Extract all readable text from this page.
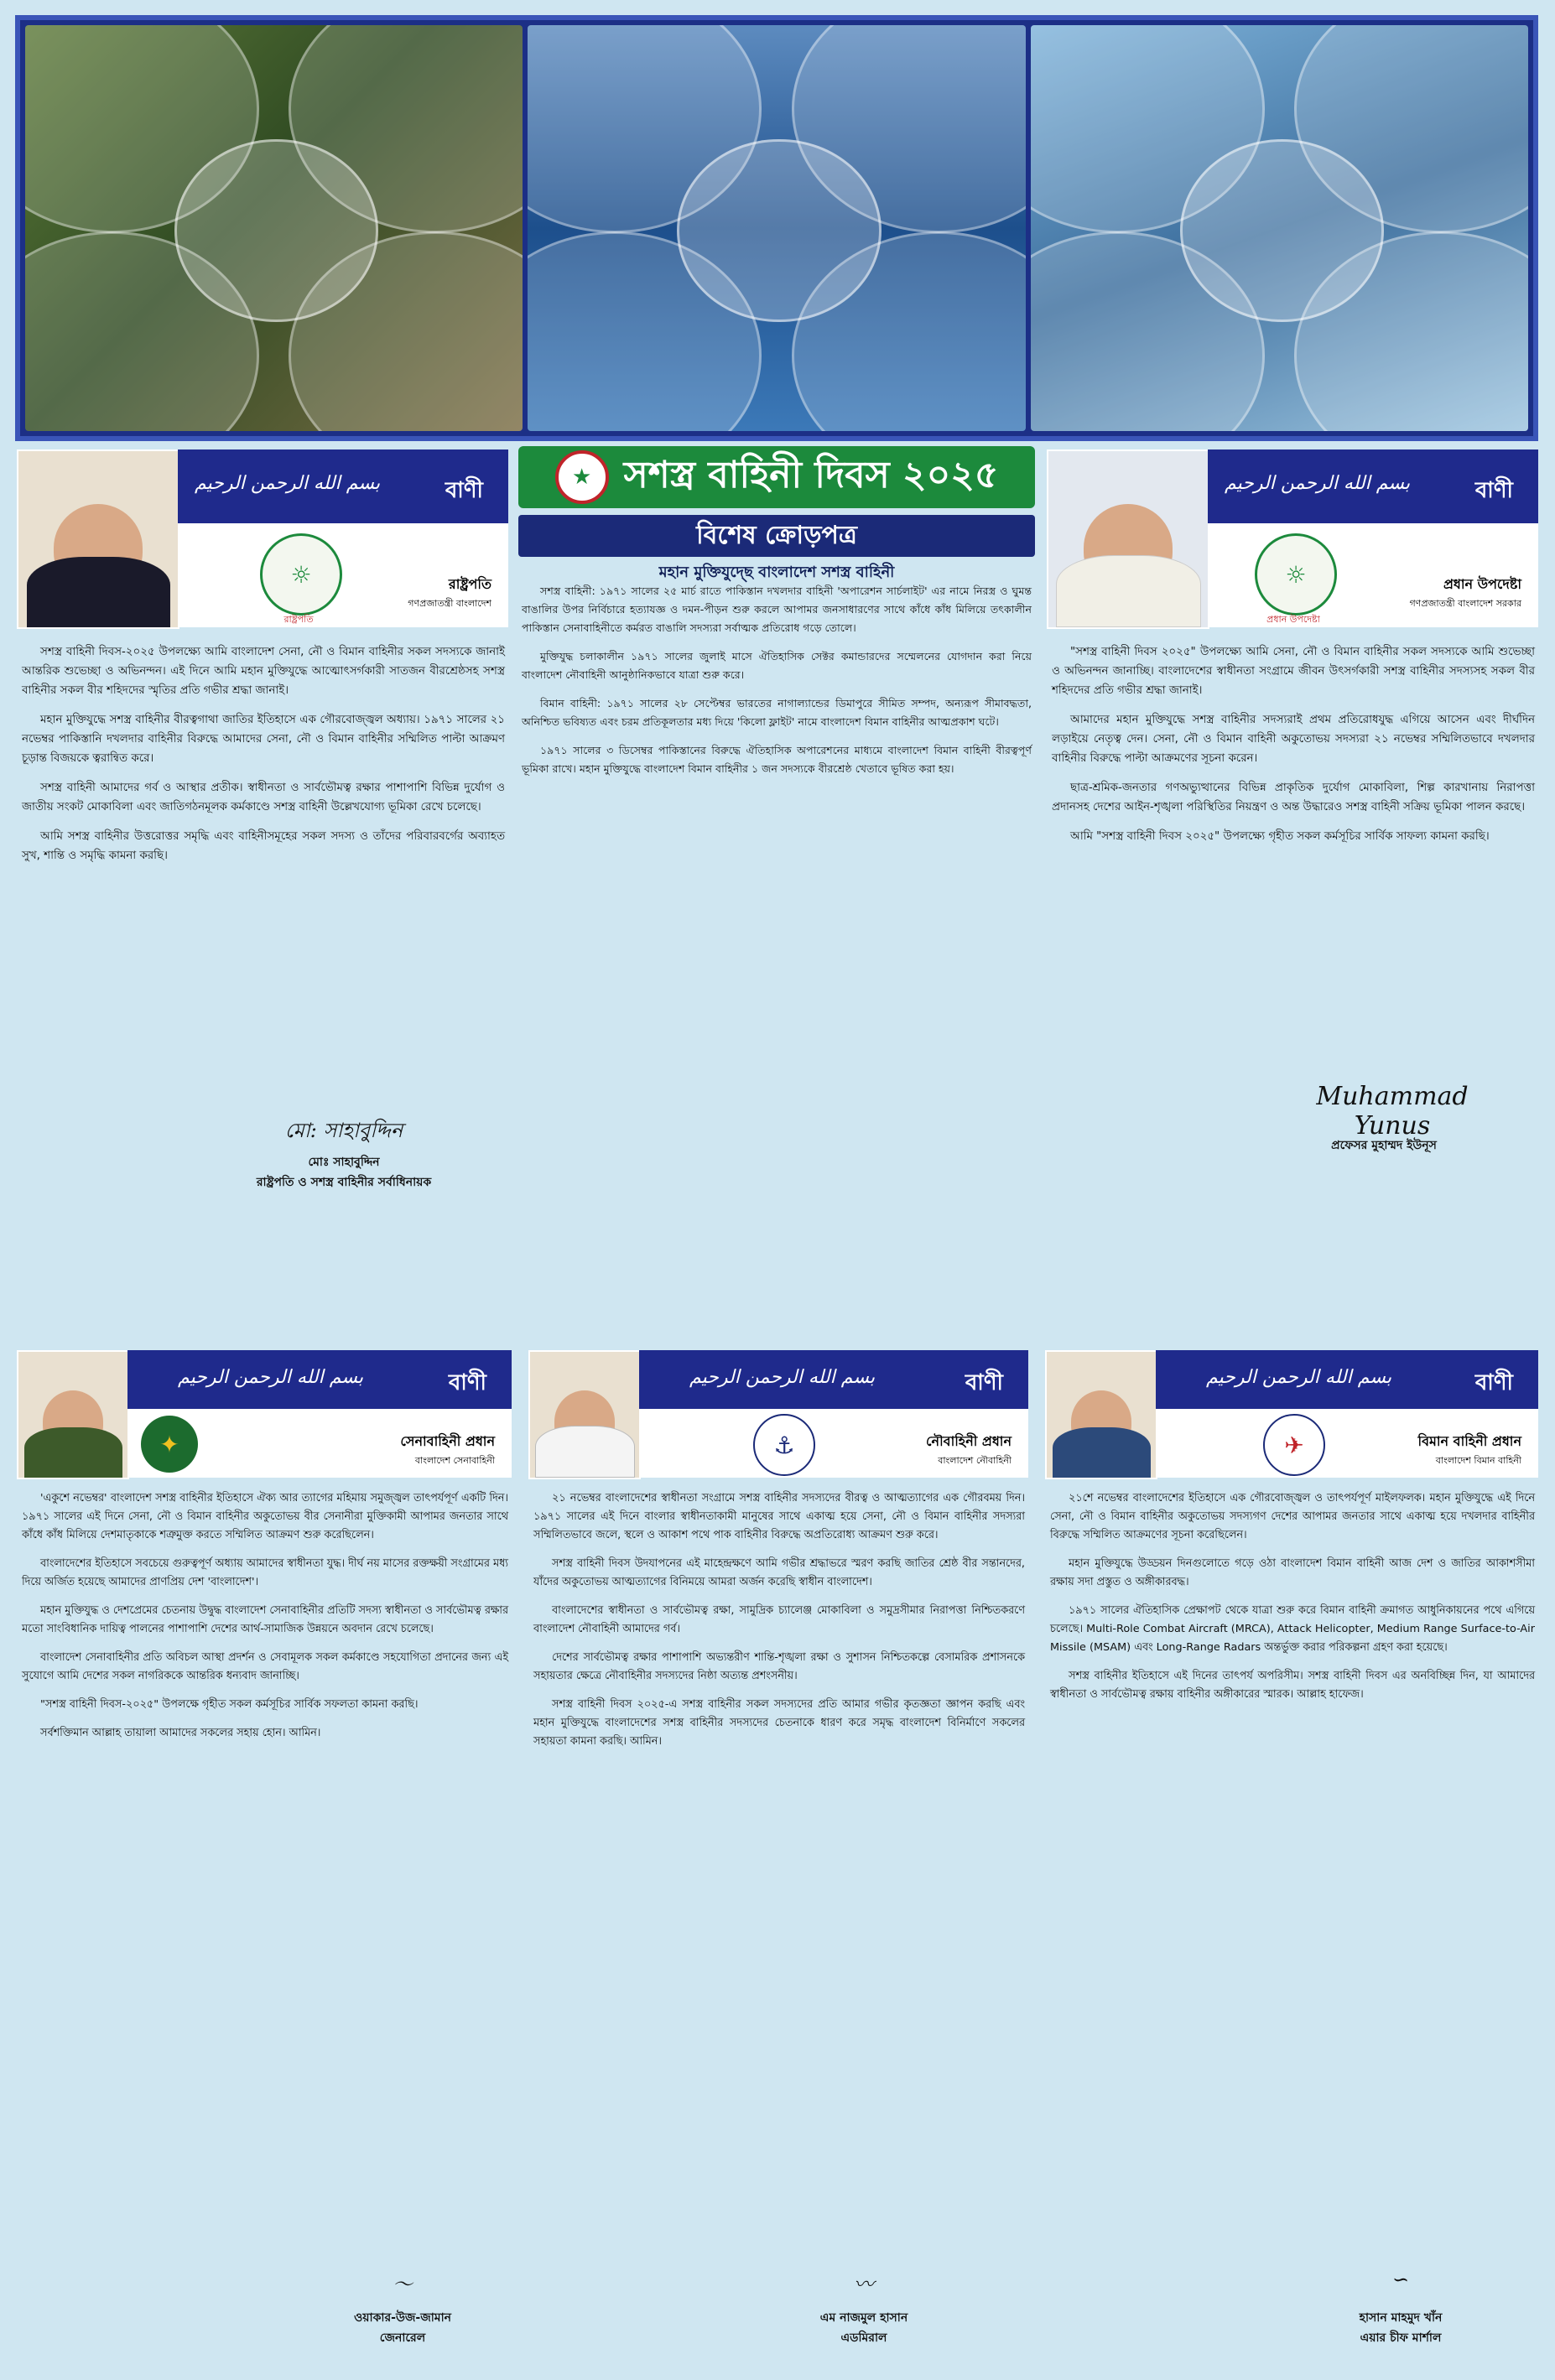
★ সশস্ত্র বাহিনী দিবস ২০২৫
বিশেষ ক্রোড়পত্র
মহান মুক্তিযুদ্ছে বাংলাদেশ সশস্ত্র বাহিনী
بسم الله الرحمن الرحيم	বাণী
☼
রাষ্ট্রপতি
রাষ্ট্রপতি
গণপ্রজাতন্ত্রী বাংলাদেশ

সশস্ত্র বাহিনী দিবস-২০২৫ উপলক্ষ্যে আমি বাংলাদেশ সেনা, নৌ ও বিমান বাহিনীর সকল সদস্যকে জানাই আন্তরিক শুভেচ্ছা ও অভিনন্দন। এই দিনে আমি মহান মুক্তিযুদ্ধে আত্মোৎসর্গকারী সাতজন বীরশ্রেষ্ঠসহ সশস্ত্র বাহিনীর সকল বীর শহিদদের স্মৃতির প্রতি গভীর শ্রদ্ধা জানাই।

মহান মুক্তিযুদ্ধে সশস্ত্র বাহিনীর বীরত্বগাথা জাতির ইতিহাসে এক গৌরবোজ্জ্বল অধ্যায়। ১৯৭১ সালের ২১ নভেম্বর পাকিস্তানি দখলদার বাহিনীর বিরুদ্ধে আমাদের সেনা, নৌ ও বিমান বাহিনীর সম্মিলিত পাল্টা আক্রমণ চূড়ান্ত বিজয়কে ত্বরান্বিত করে।

সশস্ত্র বাহিনী আমাদের গর্ব ও আস্থার প্রতীক। স্বাধীনতা ও সার্বভৌমত্ব রক্ষার পাশাপাশি বিভিন্ন দুর্যোগ ও জাতীয় সংকট মোকাবিলা এবং জাতিগঠনমূলক কর্মকাণ্ডে সশস্ত্র বাহিনী উল্লেখযোগ্য ভূমিকা রেখে চলেছে।

আমি সশস্ত্র বাহিনীর উত্তরোত্তর সমৃদ্ধি এবং বাহিনীসমূহের সকল সদস্য ও তাঁদের পরিবারবর্গের অব্যাহত সুখ, শান্তি ও সমৃদ্ধি কামনা করছি।

মো: সাহাবুদ্দিন
মোঃ সাহাবুদ্দিন
রাষ্ট্রপতি ও সশস্ত্র বাহিনীর সর্বাধিনায়ক
بسم الله الرحمن الرحيم	বাণী
☼
প্রধান উপদেষ্টা
প্রধান উপদেষ্টা
গণপ্রজাতন্ত্রী বাংলাদেশ সরকার

"সশস্ত্র বাহিনী দিবস ২০২৫" উপলক্ষ্যে আমি সেনা, নৌ ও বিমান বাহিনীর সকল সদস্যকে আমি শুভেচ্ছা ও অভিনন্দন জানাচ্ছি। বাংলাদেশের স্বাধীনতা সংগ্রামে জীবন উৎসর্গকারী সশস্ত্র বাহিনীর সদস্যসহ সকল বীর শহিদদের প্রতি গভীর শ্রদ্ধা জানাই।

আমাদের মহান মুক্তিযুদ্ধে সশস্ত্র বাহিনীর সদস্যরাই প্রথম প্রতিরোধযুদ্ধ এগিয়ে আসেন এবং দীর্ঘদিন লড়াইয়ে নেতৃত্ব দেন। সেনা, নৌ ও বিমান বাহিনী অকুতোভয় সদস্যরা ২১ নভেম্বর সম্মিলিতভাবে দখলদার বাহিনীর বিরুদ্ধে পাল্টা আক্রমণের সূচনা করেন।

ছাত্র-শ্রমিক-জনতার গণঅভ্যুত্থানের বিভিন্ন প্রাকৃতিক দুর্যোগ মোকাবিলা, শিল্প কারখানায় নিরাপত্তা প্রদানসহ দেশের আইন-শৃঙ্খলা পরিস্থিতির নিয়ন্ত্রণ ও অন্ত উদ্ধারেও সশস্ত্র বাহিনী সক্রিয় ভূমিকা পালন করছে।

আমি "সশস্ত্র বাহিনী দিবস ২০২৫" উপলক্ষ্যে গৃহীত সকল কর্মসূচির সার্বিক সাফল্য কামনা করছি।

Muhammad Yunus
প্রফেসর মুহাম্মদ ইউনূস

সশস্ত্র বাহিনী: ১৯৭১ সালের ২৫ মার্চ রাতে পাকিস্তান দখলদার বাহিনী 'অপারেশন সার্চলাইট' এর নামে নিরস্ত্র ও ঘুমন্ত বাঙালির উপর নির্বিচারে হত্যাযজ্ঞ ও দমন-পীড়ন শুরু করলে আপামর জনসাধারণের সাথে কাঁধে কাঁধ মিলিয়ে তৎকালীন পাকিস্তান সেনাবাহিনীতে কর্মরত বাঙালি সদস্যরা সর্বাত্মক প্রতিরোধ গড়ে তোলে।

মুক্তিযুদ্ধ চলাকালীন ১৯৭১ সালের জুলাই মাসে ঐতিহাসিক সেক্টর কমান্ডারদের সম্মেলনের যোগদান করা নিয়ে বাংলাদেশ নৌবাহিনী আনুষ্ঠানিকভাবে যাত্রা শুরু করে।

বিমান বাহিনী: ১৯৭১ সালের ২৮ সেপ্টেম্বর ভারতের নাগাল্যান্ডের ডিমাপুরে সীমিত সম্পদ, অন্যরূপ সীমাবদ্ধতা, অনিশ্চিত ভবিষ্যত এবং চরম প্রতিকূলতার মধ্য দিয়ে 'কিলো ফ্লাইট' নামে বাংলাদেশ বিমান বাহিনীর আত্মপ্রকাশ ঘটে।

১৯৭১ সালের ৩ ডিসেম্বর পাকিস্তানের বিরুদ্ধে ঐতিহাসিক অপারেশনের মাধ্যমে বাংলাদেশ বিমান বাহিনী বীরত্বপূর্ণ ভূমিকা রাখে। মহান মুক্তিযুদ্ধে বাংলাদেশ বিমান বাহিনীর ১ জন সদস্যকে বীরশ্রেষ্ঠ খেতাবে ভূষিত করা হয়।

بسم الله الرحمن الرحيم	বাণী
✦	সেনাবাহিনী প্রধান
বাংলাদেশ সেনাবাহিনী

'একুশে নভেম্বর' বাংলাদেশ সশস্ত্র বাহিনীর ইতিহাসে ঐক্য আর ত্যাগের মহিমায় সমুজ্জ্বল তাৎপর্যপূর্ণ একটি দিন। ১৯৭১ সালের এই দিনে সেনা, নৌ ও বিমান বাহিনীর অকুতোভয় বীর সেনানীরা মুক্তিকামী আপামর জনতার সাথে কাঁধে কাঁধ মিলিয়ে দেশমাতৃকাকে শত্রুমুক্ত করতে সম্মিলিত আক্রমণ শুরু করেছিলেন।

বাংলাদেশের ইতিহাসে সবচেয়ে গুরুত্বপূর্ণ অধ্যায় আমাদের স্বাধীনতা যুদ্ধ। দীর্ঘ নয় মাসের রক্তক্ষয়ী সংগ্রামের মধ্য দিয়ে অর্জিত হয়েছে আমাদের প্রাণপ্রিয় দেশ 'বাংলাদেশ'।

মহান মুক্তিযুদ্ধ ও দেশপ্রেমের চেতনায় উদ্বুদ্ধ বাংলাদেশ সেনাবাহিনীর প্রতিটি সদস্য স্বাধীনতা ও সার্বভৌমত্ব রক্ষার মতো সাংবিধানিক দায়িত্ব পালনের পাশাপাশি দেশের আর্থ-সামাজিক উন্নয়নে অবদান রেখে চলেছে।

বাংলাদেশ সেনাবাহিনীর প্রতি অবিচল আস্থা প্রদর্শন ও সেবামূলক সকল কর্মকাণ্ডে সহযোগিতা প্রদানের জন্য এই সুযোগে আমি দেশের সকল নাগরিককে আন্তরিক ধন্যবাদ জানাচ্ছি।

"সশস্ত্র বাহিনী দিবস-২০২৫" উপলক্ষে গৃহীত সকল কর্মসূচির সার্বিক সফলতা কামনা করছি।

সর্বশক্তিমান আল্লাহ তায়ালা আমাদের সকলের সহায় হোন। আমিন।

〜
ওয়াকার-উজ-জামান
জেনারেল
بسم الله الرحمن الرحيم	বাণী
⚓	নৌবাহিনী প্রধান
বাংলাদেশ নৌবাহিনী

২১ নভেম্বর বাংলাদেশের স্বাধীনতা সংগ্রামে সশস্ত্র বাহিনীর সদস্যদের বীরত্ব ও আত্মত্যাগের এক গৌরবময় দিন। ১৯৭১ সালের এই দিনে বাংলার স্বাধীনতাকামী মানুষের সাথে একাত্ম হয়ে সেনা, নৌ ও বিমান বাহিনীর সদস্যরা সম্মিলিতভাবে জলে, স্থলে ও আকাশ পথে পাক বাহিনীর বিরুদ্ধে অপ্রতিরোধ্য আক্রমণ শুরু করে।

সশস্ত্র বাহিনী দিবস উদযাপনের এই মাহেন্দ্রক্ষণে আমি গভীর শ্রদ্ধাভরে স্মরণ করছি জাতির শ্রেষ্ঠ বীর সন্তানদের, যাঁদের অকুতোভয় আত্মত্যাগের বিনিময়ে আমরা অর্জন করেছি স্বাধীন বাংলাদেশ।

বাংলাদেশের স্বাধীনতা ও সার্বভৌমত্ব রক্ষা, সামুদ্রিক চ্যালেঞ্জ মোকাবিলা ও সমুদ্রসীমার নিরাপত্তা নিশ্চিতকরণে বাংলাদেশ নৌবাহিনী আমাদের গর্ব।

দেশের সার্বভৌমত্ব রক্ষার পাশাপাশি অভ্যন্তরীণ শান্তি-শৃঙ্খলা রক্ষা ও সুশাসন নিশ্চিতকল্পে বেসামরিক প্রশাসনকে সহায়তার ক্ষেত্রে নৌবাহিনীর সদস্যদের নিষ্ঠা অত্যন্ত প্রশংসনীয়।

সশস্ত্র বাহিনী দিবস ২০২৫-এ সশস্ত্র বাহিনীর সকল সদস্যদের প্রতি আমার গভীর কৃতজ্ঞতা জ্ঞাপন করছি এবং মহান মুক্তিযুদ্ধে বাংলাদেশের সশস্ত্র বাহিনীর সদস্যদের চেতনাকে ধারণ করে সমৃদ্ধ বাংলাদেশ বিনির্মাণে সকলের সহায়তা কামনা করছি। আমিন।

〰
এম নাজমুল হাসান
এডমিরাল
بسم الله الرحمن الرحيم	বাণী
✈	বিমান বাহিনী প্রধান
বাংলাদেশ বিমান বাহিনী

২১শে নভেম্বর বাংলাদেশের ইতিহাসে এক গৌরবোজ্জ্বল ও তাৎপর্যপূর্ণ মাইলফলক। মহান মুক্তিযুদ্ধে এই দিনে সেনা, নৌ ও বিমান বাহিনীর অকুতোভয় সদস্যগণ দেশের আপামর জনতার সাথে একাত্ম হয়ে দখলদার বাহিনীর বিরুদ্ধে সম্মিলিত আক্রমণের সূচনা করেছিলেন।

মহান মুক্তিযুদ্ধে উড্ডয়ন দিনগুলোতে গড়ে ওঠা বাংলাদেশ বিমান বাহিনী আজ দেশ ও জাতির আকাশসীমা রক্ষায় সদা প্রস্তুত ও অঙ্গীকারবদ্ধ।

১৯৭১ সালের ঐতিহাসিক প্রেক্ষাপট থেকে যাত্রা শুরু করে বিমান বাহিনী ক্রমাগত আধুনিকায়নের পথে এগিয়ে চলেছে। Multi-Role Combat Aircraft (MRCA), Attack Helicopter, Medium Range Surface-to-Air Missile (MSAM) এবং Long-Range Radars অন্তর্ভুক্ত করার পরিকল্পনা গ্রহণ করা হয়েছে।

সশস্ত্র বাহিনীর ইতিহাসে এই দিনের তাৎপর্য অপরিসীম। সশস্ত্র বাহিনী দিবস এর অনবিচ্ছিন্ন দিন, যা আমাদের স্বাধীনতা ও সার্বভৌমত্ব রক্ষায় বাহিনীর অঙ্গীকারের স্মারক। আল্লাহ হাফেজ।

∽
হাসান মাহমুদ খাঁন
এয়ার চীফ মার্শাল
